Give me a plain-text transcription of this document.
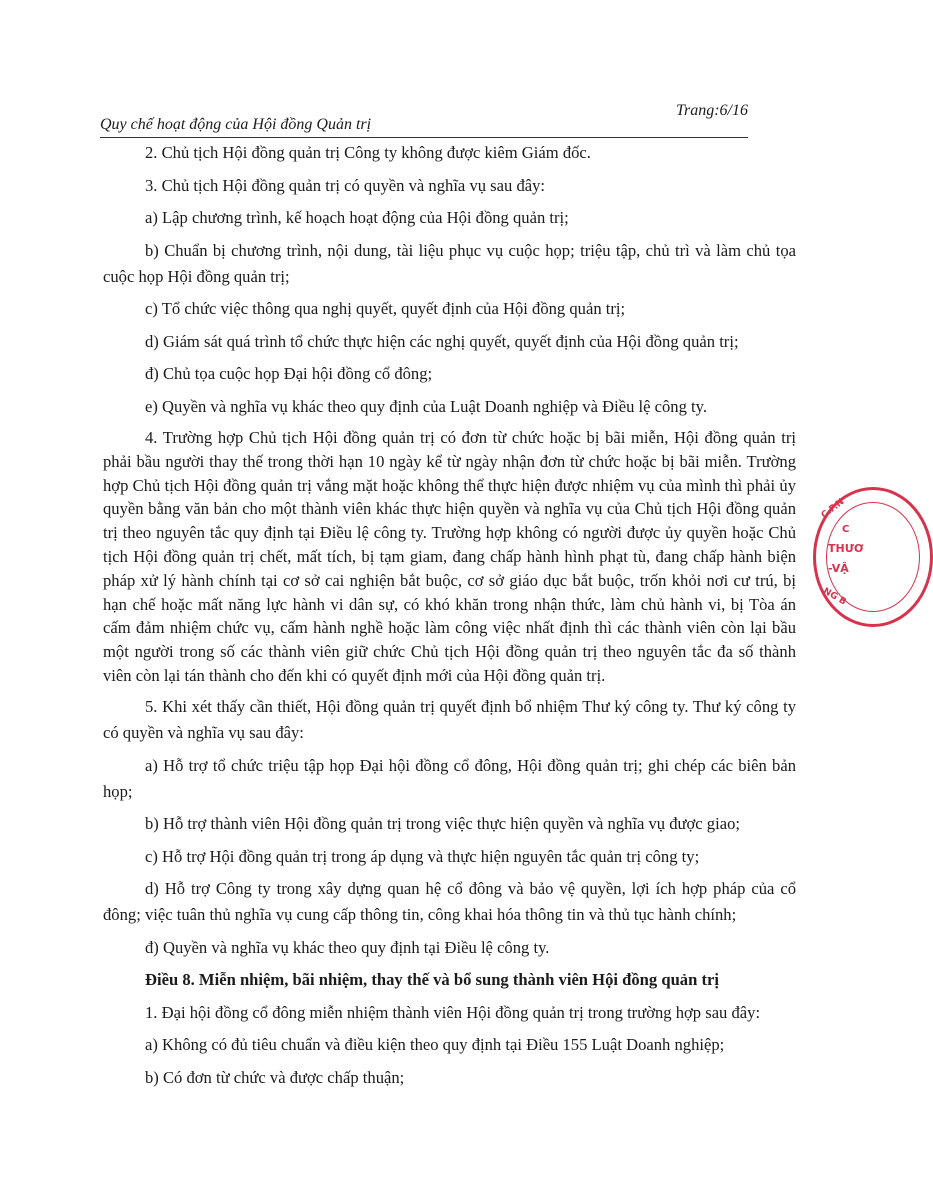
Quy chế hoạt động của Hội đồng Quản trị
Trang:6/16

2. Chủ tịch Hội đồng quản trị Công ty không được kiêm Giám đốc.

3. Chủ tịch Hội đồng quản trị có quyền và nghĩa vụ sau đây:

a) Lập chương trình, kế hoạch hoạt động của Hội đồng quản trị;

b) Chuẩn bị chương trình, nội dung, tài liệu phục vụ cuộc họp; triệu tập, chủ trì và làm chủ tọa cuộc họp Hội đồng quản trị;

c) Tổ chức việc thông qua nghị quyết, quyết định của Hội đồng quản trị;

d) Giám sát quá trình tổ chức thực hiện các nghị quyết, quyết định của Hội đồng quản trị;

đ) Chủ tọa cuộc họp Đại hội đồng cổ đông;

e) Quyền và nghĩa vụ khác theo quy định của Luật Doanh nghiệp và Điều lệ công ty.

4. Trường hợp Chủ tịch Hội đồng quản trị có đơn từ chức hoặc bị bãi miễn, Hội đồng quản trị phải bầu người thay thế trong thời hạn 10 ngày kể từ ngày nhận đơn từ chức hoặc bị bãi miễn. Trường hợp Chủ tịch Hội đồng quản trị vắng mặt hoặc không thể thực hiện được nhiệm vụ của mình thì phải ủy quyền bằng văn bản cho một thành viên khác thực hiện quyền và nghĩa vụ của Chủ tịch Hội đồng quản trị theo nguyên tắc quy định tại Điều lệ công ty. Trường hợp không có người được ủy quyền hoặc Chủ tịch Hội đồng quản trị chết, mất tích, bị tạm giam, đang chấp hành hình phạt tù, đang chấp hành biện pháp xử lý hành chính tại cơ sở cai nghiện bắt buộc, cơ sở giáo dục bắt buộc, trốn khỏi nơi cư trú, bị hạn chế hoặc mất năng lực hành vi dân sự, có khó khăn trong nhận thức, làm chủ hành vi, bị Tòa án cấm đảm nhiệm chức vụ, cấm hành nghề hoặc làm công việc nhất định thì các thành viên còn lại bầu một người trong số các thành viên giữ chức Chủ tịch Hội đồng quản trị theo nguyên tắc đa số thành viên còn lại tán thành cho đến khi có quyết định mới của Hội đồng quản trị.

5. Khi xét thấy cần thiết, Hội đồng quản trị quyết định bổ nhiệm Thư ký công ty. Thư ký công ty có quyền và nghĩa vụ sau đây:

a) Hỗ trợ tổ chức triệu tập họp Đại hội đồng cổ đông, Hội đồng quản trị; ghi chép các biên bản họp;

b) Hỗ trợ thành viên Hội đồng quản trị trong việc thực hiện quyền và nghĩa vụ được giao;

c) Hỗ trợ Hội đồng quản trị trong áp dụng và thực hiện nguyên tắc quản trị công ty;

d) Hỗ trợ Công ty trong xây dựng quan hệ cổ đông và bảo vệ quyền, lợi ích hợp pháp của cổ đông; việc tuân thủ nghĩa vụ cung cấp thông tin, công khai hóa thông tin và thủ tục hành chính;

đ) Quyền và nghĩa vụ khác theo quy định tại Điều lệ công ty.

Điều 8. Miễn nhiệm, bãi nhiệm, thay thế và bổ sung thành viên Hội đồng quản trị

1. Đại hội đồng cổ đông miễn nhiệm thành viên Hội đồng quản trị trong trường hợp sau đây:

a) Không có đủ tiêu chuẩn và điều kiện theo quy định tại Điều 155 Luật Doanh nghiệp;

b) Có đơn từ chức và được chấp thuận;

C.P.N
C
THƯƠ
-VẬ
NG B
